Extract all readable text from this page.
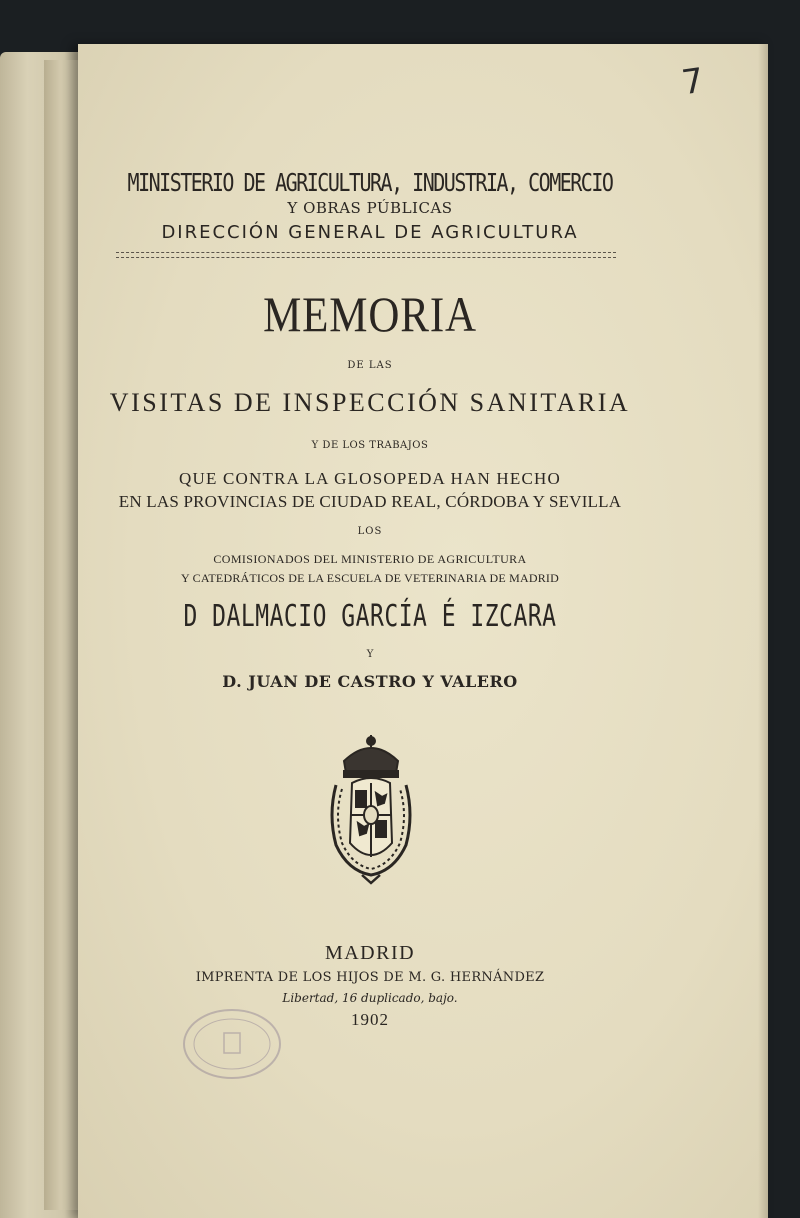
7
MINISTERIO DE AGRICULTURA, INDUSTRIA, COMERCIO
Y OBRAS PÚBLICAS
DIRECCIÓN GENERAL DE AGRICULTURA
MEMORIA
DE LAS
VISITAS DE INSPECCIÓN SANITARIA
Y DE LOS TRABAJOS
QUE CONTRA LA GLOSOPEDA HAN HECHO
EN LAS PROVINCIAS DE CIUDAD REAL, CÓRDOBA Y SEVILLA
LOS
COMISIONADOS DEL MINISTERIO DE AGRICULTURA
Y CATEDRÁTICOS DE LA ESCUELA DE VETERINARIA DE MADRID
D DALMACIO GARCÍA É IZCARA
Y
D. JUAN DE CASTRO Y VALERO
MADRID
IMPRENTA DE LOS HIJOS DE M. G. HERNÁNDEZ
Libertad, 16 duplicado, bajo.
1902
